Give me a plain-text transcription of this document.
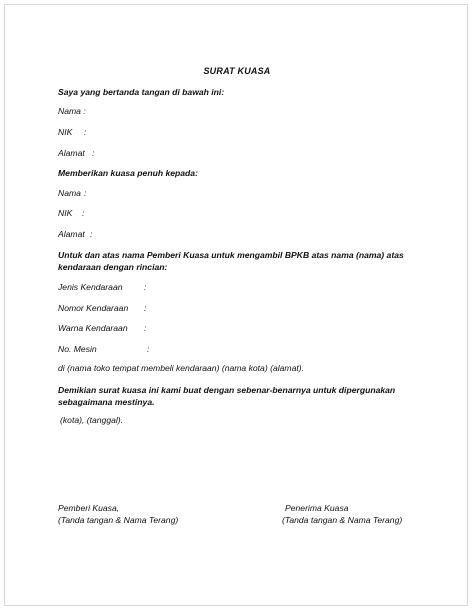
SURAT KUASA
Saya yang bertanda tangan di bawah ini:
Nama :
NIK :
Alamat :
Memberikan kuasa penuh kepada:
Nama :
NIK :
Alamat :
Untuk dan atas nama Pemberi Kuasa untuk mengambil BPKB atas nama (nama) atas kendaraan dengan rincian:
Jenis Kendaraan	:
Nomor Kendaraan :
Warna Kendaraan :
No. Mesin	:
di (nama toko tempat membeli kendaraan) (nama kota) (alamat).
Demikian surat kuasa ini kami buat dengan sebenar-benarnya untuk dipergunakan sebagaimana mestinya.
(kota), (tanggal).
Pemberi Kuasa,
(Tanda tangan & Nama Terang)
Penerima Kuasa
(Tanda tangan & Nama Terang)
